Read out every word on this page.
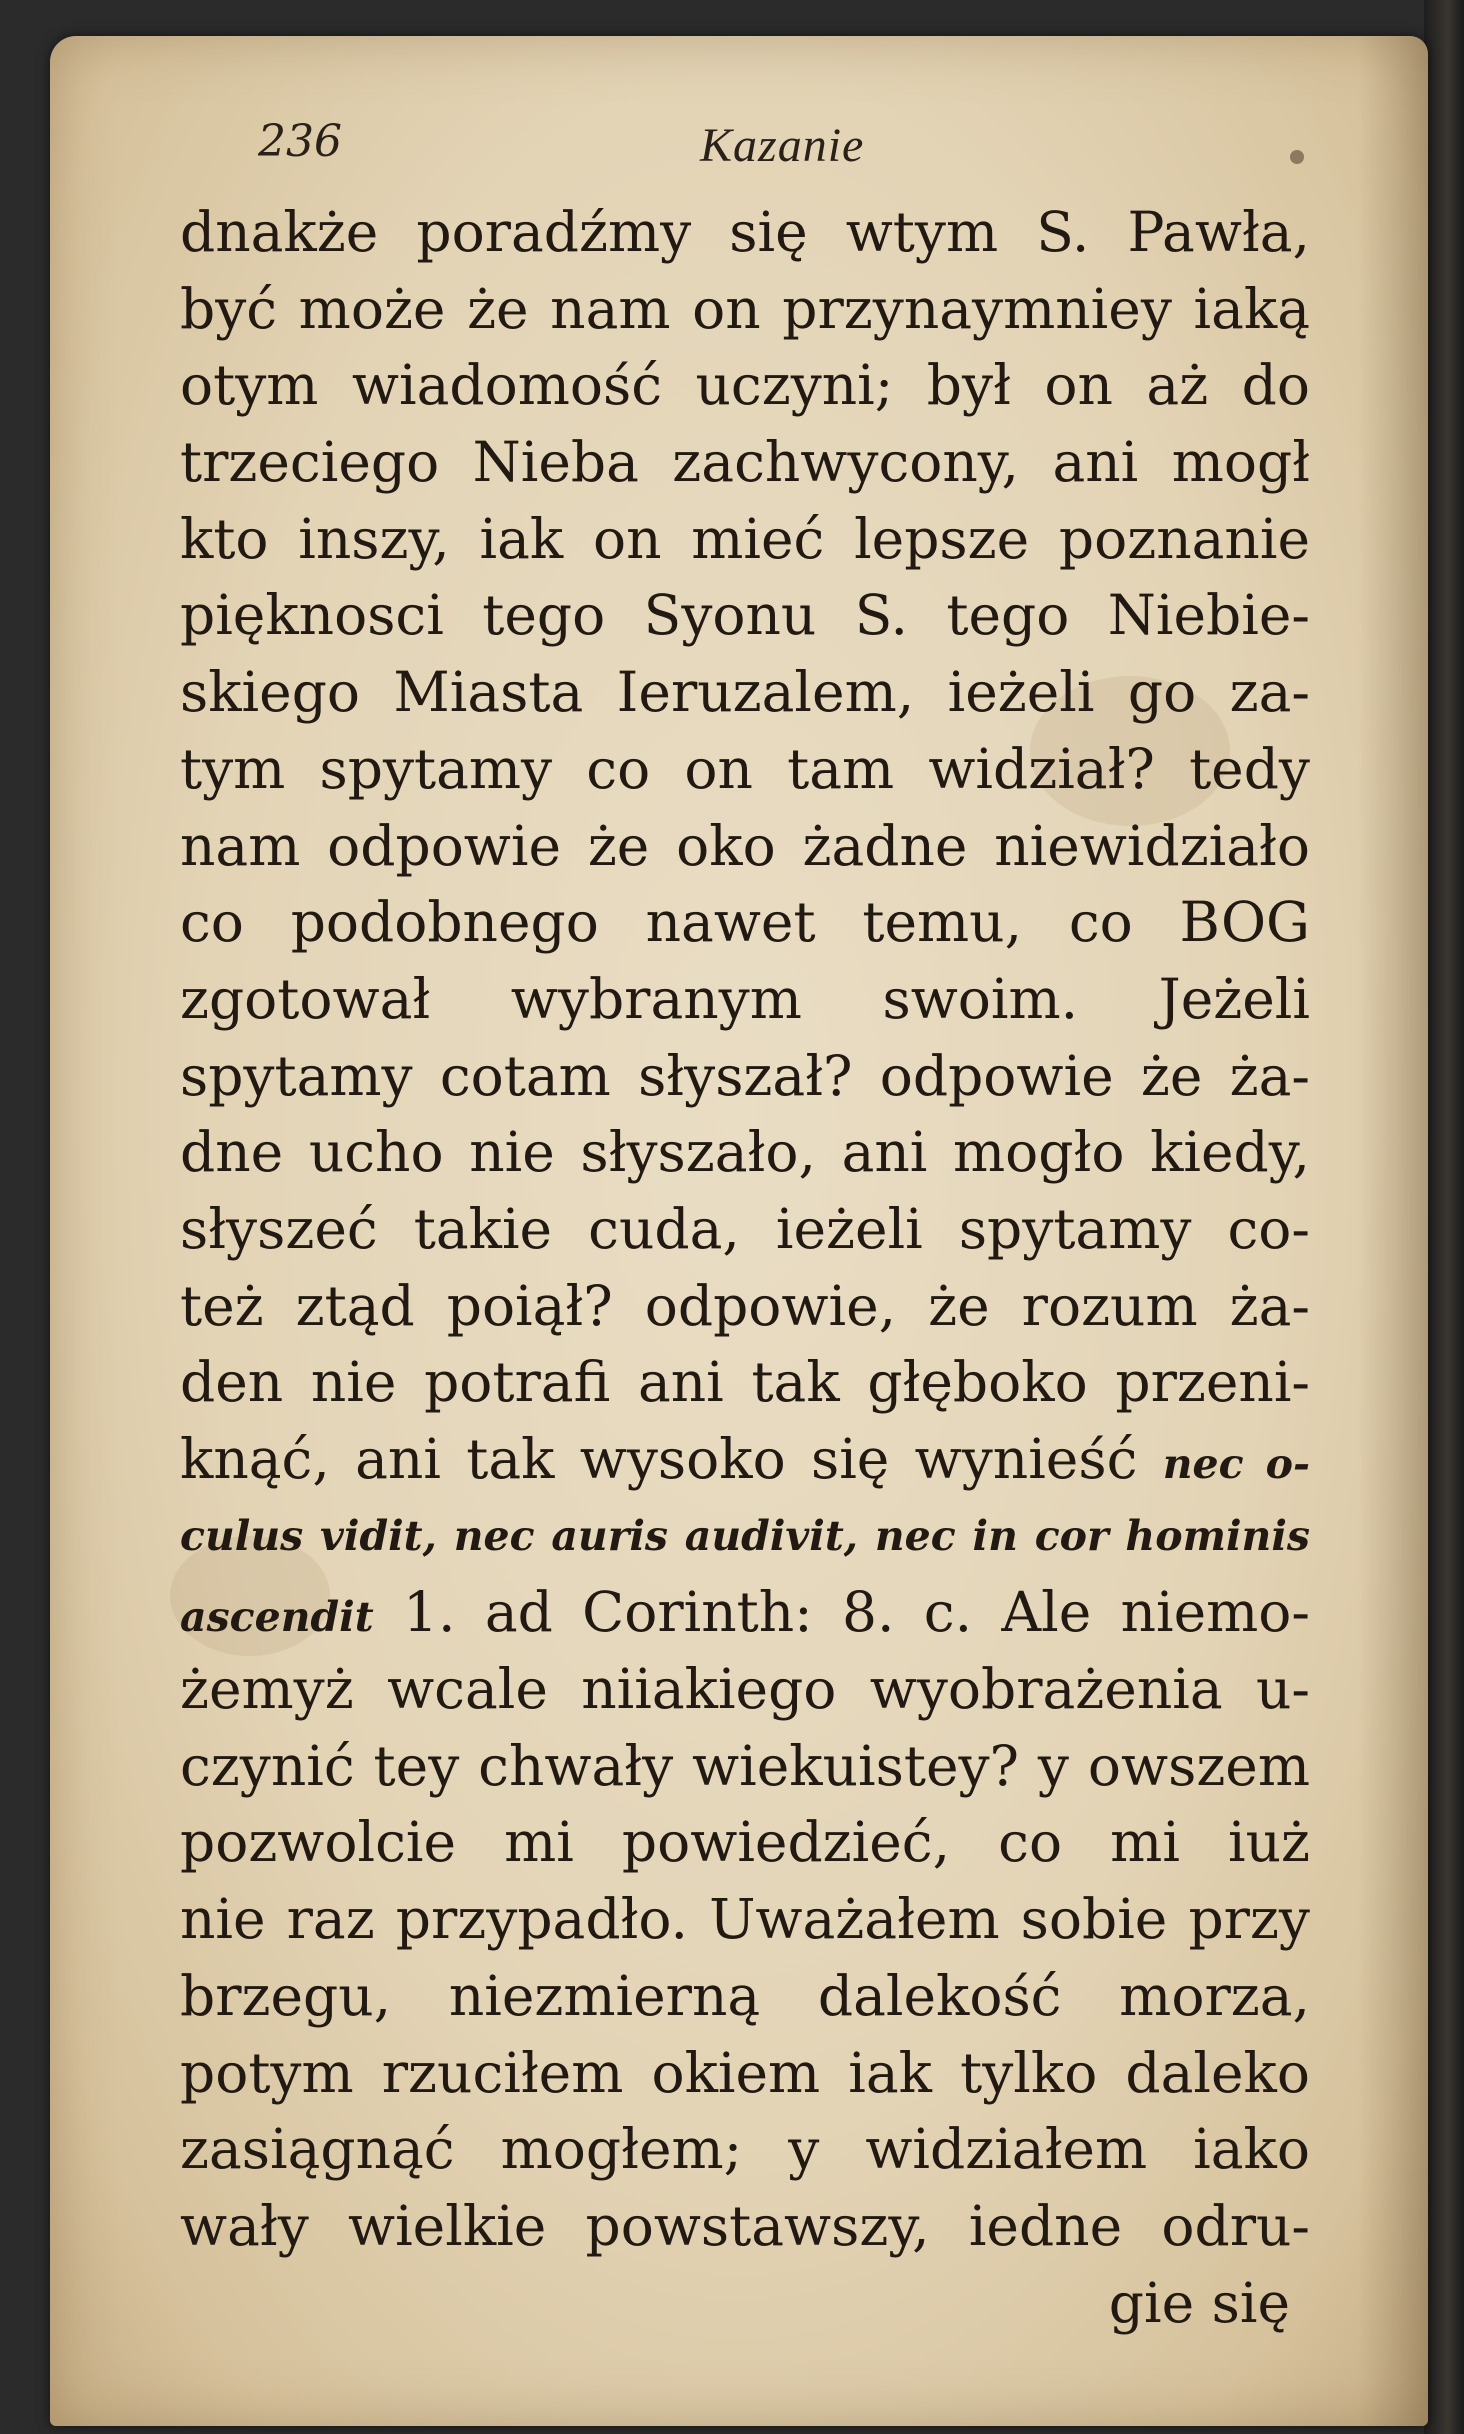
236	Kazanie
dnakże poradźmy się wtym S. Pawła,
być może że nam on przynaymniey iaką
otym wiadomość uczyni; był on aż do
trzeciego Nieba zachwycony, ani mogł
kto inszy, iak on mieć lepsze poznanie
pięknosci tego Syonu S. tego Niebie-
skiego Miasta Ieruzalem, ieżeli go za-
tym spytamy co on tam widział? tedy
nam odpowie że oko żadne niewidziało
co podobnego nawet temu, co BOG
zgotował wybranym swoim. Jeżeli
spytamy cotam słyszał? odpowie że ża-
dne ucho nie słyszało, ani mogło kiedy,
słyszeć takie cuda, ieżeli spytamy co-
też ztąd poiął? odpowie, że rozum ża-
den nie potrafi ani tak głęboko przeni-
knąć, ani tak wysoko się wynieść nec o-
culus vidit, nec auris audivit, nec in cor hominis
ascendit 1. ad Corinth: 8. c. Ale niemo-
żemyż wcale niiakiego wyobrażenia u-
czynić tey chwały wiekuistey? y owszem
pozwolcie mi powiedzieć, co mi iuż
nie raz przypadło. Uważałem sobie przy
brzegu, niezmierną dalekość morza,
potym rzuciłem okiem iak tylko daleko
zasiągnąć mogłem; y widziałem iako
wały wielkie powstawszy, iedne odru-
gie się
